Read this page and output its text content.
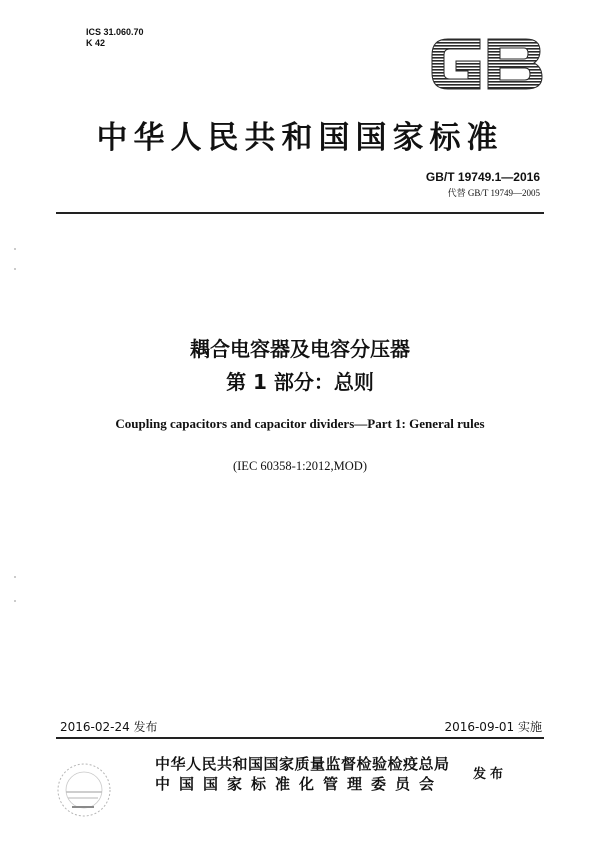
ICS 31.060.70
K 42
GB
中华人民共和国国家标准
GB/T 19749.1—2016
代替 GB/T 19749—2005
耦合电容器及电容分压器
第 1 部分：总则
Coupling capacitors and capacitor dividers—Part 1: General rules
(IEC 60358-1:2012,MOD)
2016-02-24 发布	2016-09-01 实施
中华人民共和国国家质量监督检验检疫总局
中国国家标准化管理委员会
发布
